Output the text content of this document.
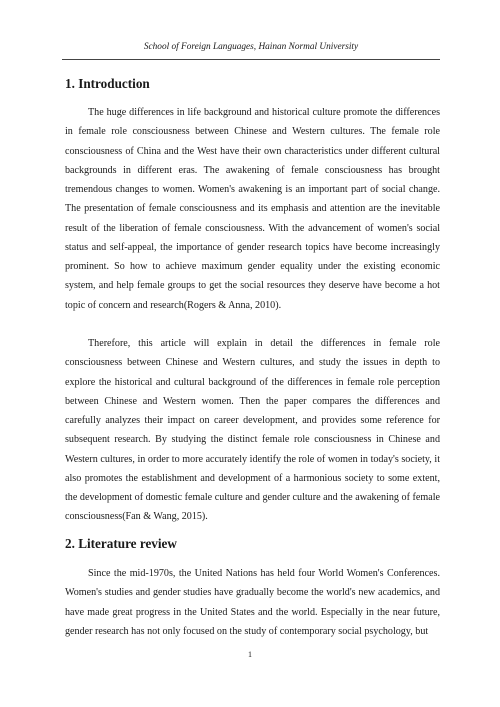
School of Foreign Languages, Hainan Normal University
1. Introduction

The huge differences in life background and historical culture promote the differences in female role consciousness between Chinese and Western cultures. The female role consciousness of China and the West have their own characteristics under different cultural backgrounds in different eras. The awakening of female consciousness has brought tremendous changes to women. Women's awakening is an important part of social change. The presentation of female consciousness and its emphasis and attention are the inevitable result of the liberation of female consciousness. With the advancement of women's social status and self-appeal, the importance of gender research topics have become increasingly prominent. So how to achieve maximum gender equality under the existing economic system, and help female groups to get the social resources they deserve have become a hot topic of concern and research(Rogers & Anna, 2010).

Therefore, this article will explain in detail the differences in female role consciousness between Chinese and Western cultures, and study the issues in depth to explore the historical and cultural background of the differences in female role perception between Chinese and Western women. Then the paper compares the differences and carefully analyzes their impact on career development, and provides some reference for subsequent research. By studying the distinct female role consciousness in Chinese and Western cultures, in order to more accurately identify the role of women in today's society, it also promotes the establishment and development of a harmonious society to some extent, the development of domestic female culture and gender culture and the awakening of female consciousness(Fan & Wang, 2015).

2. Literature review

Since the mid-1970s, the United Nations has held four World Women's Conferences. Women's studies and gender studies have gradually become the world's new academics, and have made great progress in the United States and the world. Especially in the near future, gender research has not only focused on the study of contemporary social psychology, but

1
